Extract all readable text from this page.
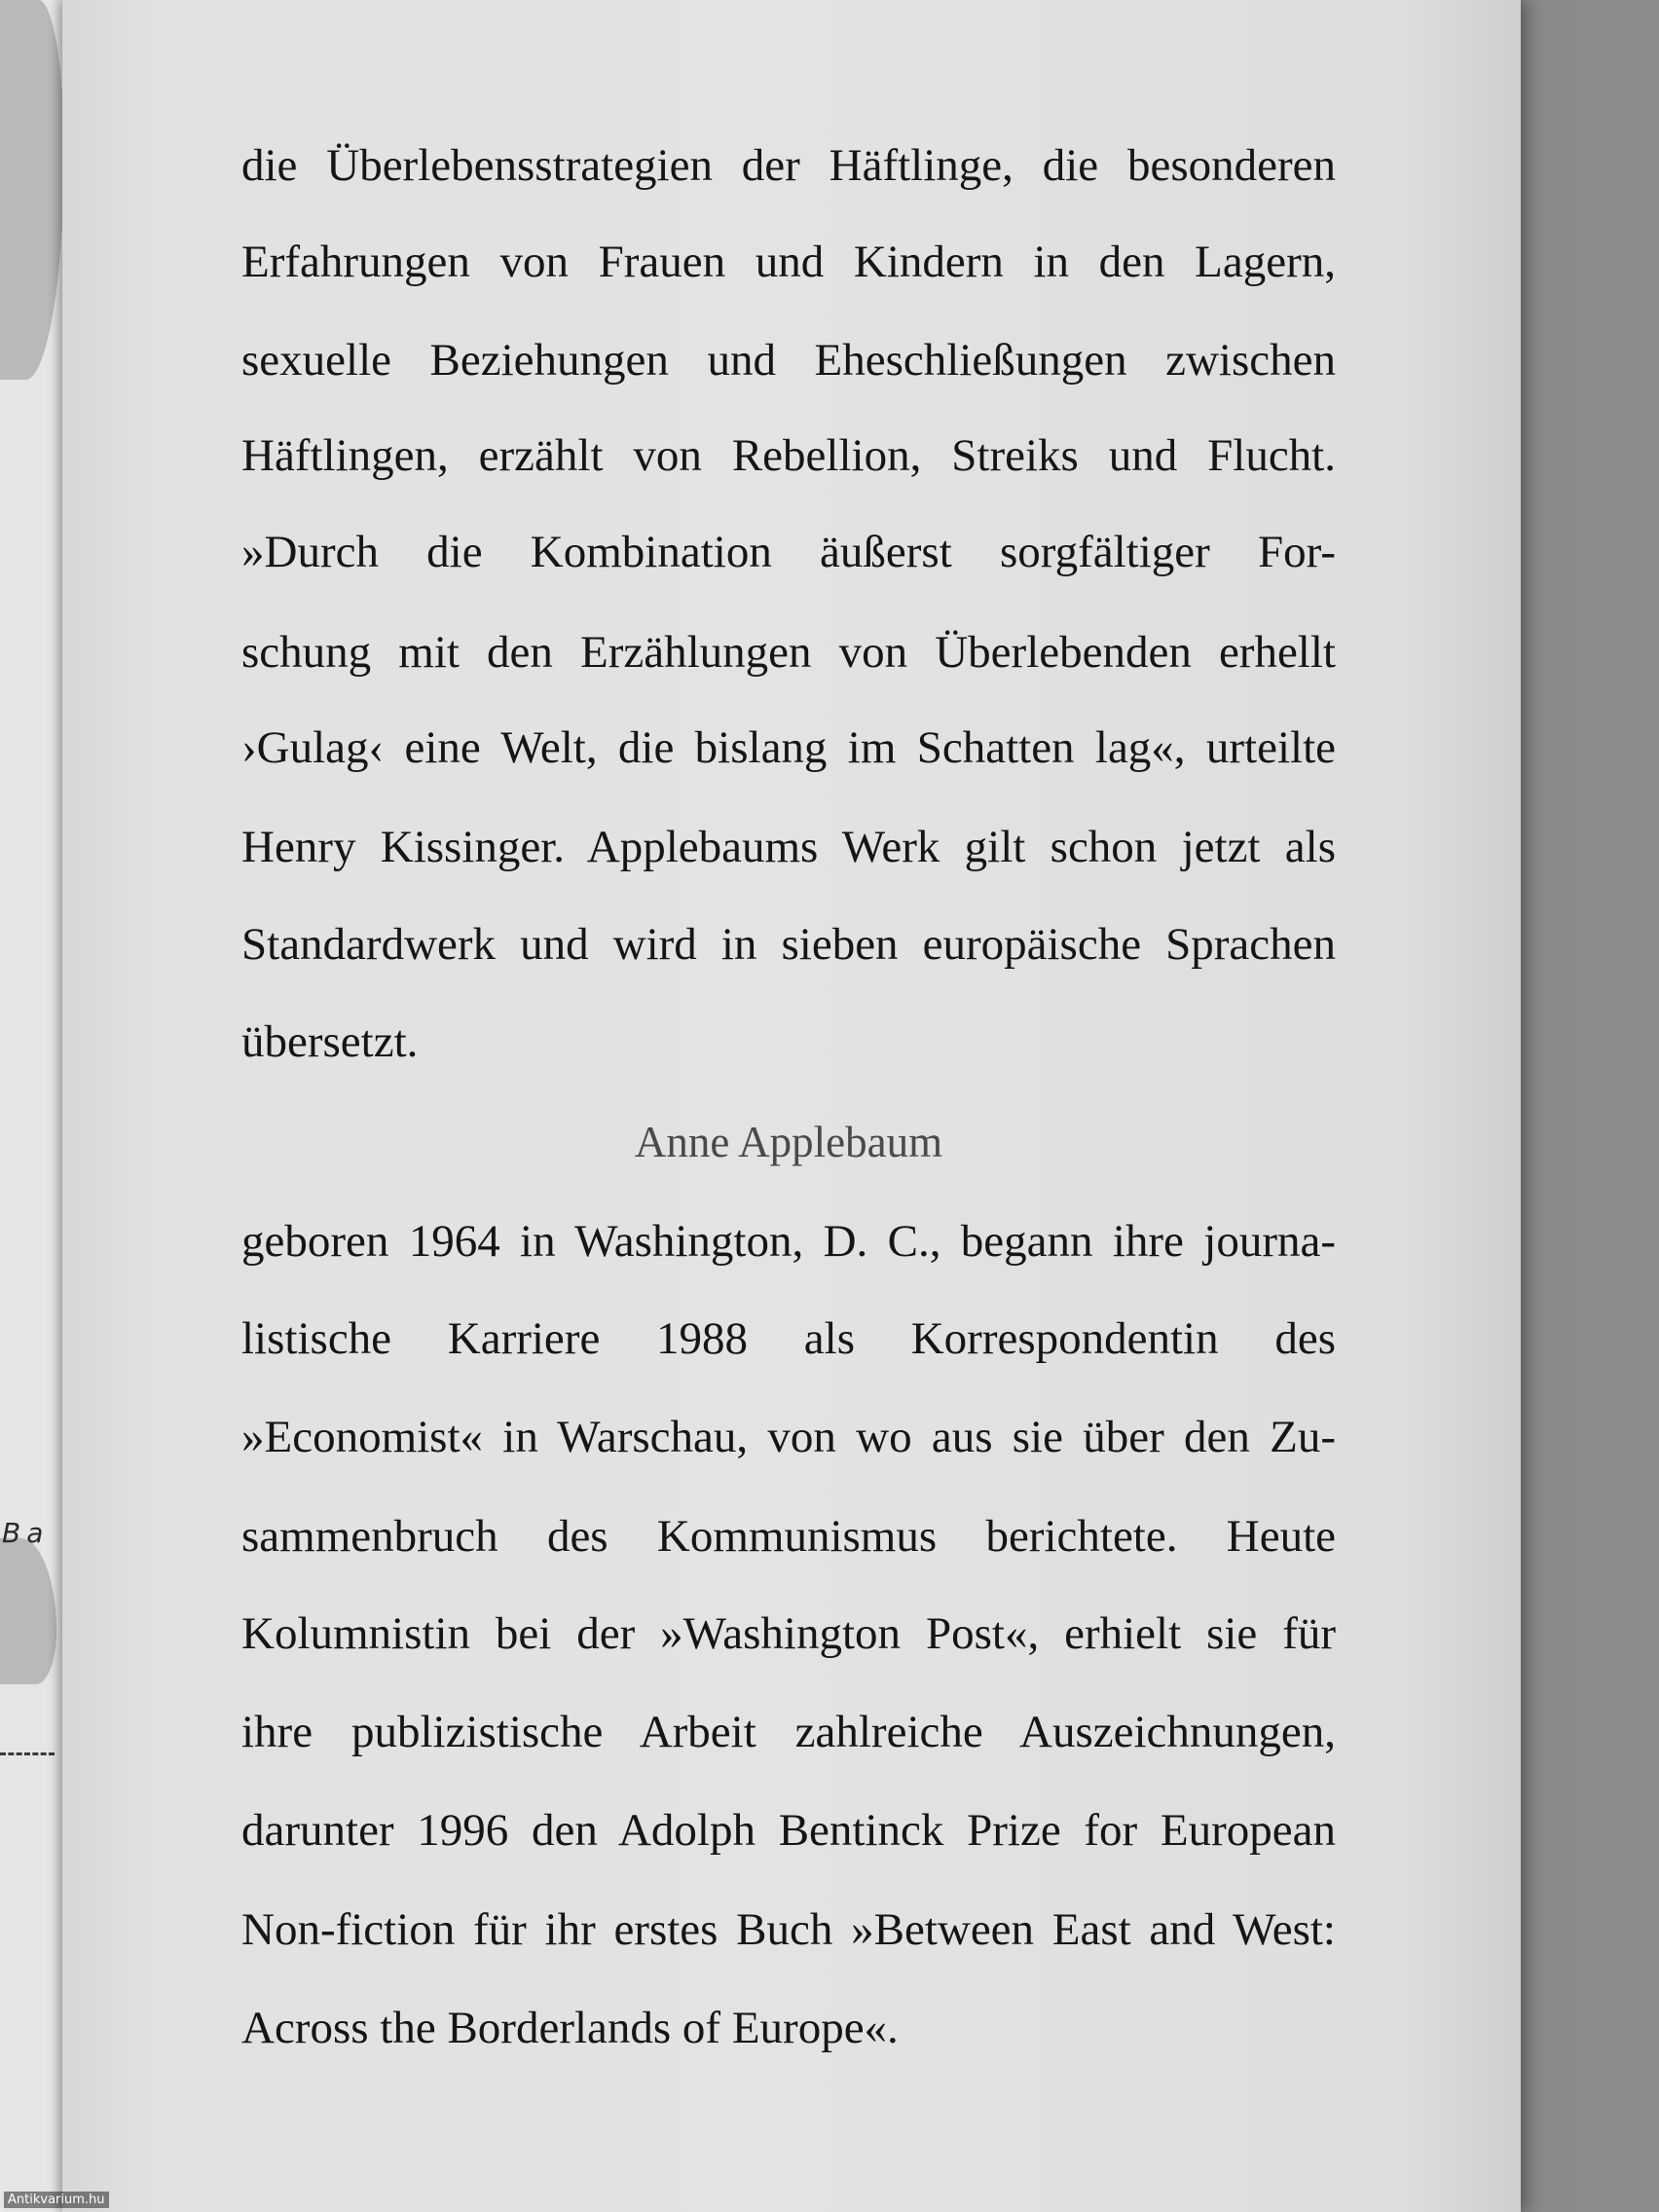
Ba
die Überlebensstrategien der Häftlinge, die besonderen
Erfahrungen von Frauen und Kindern in den Lagern,
sexuelle Beziehungen und Eheschließungen zwischen
Häftlingen, erzählt von Rebellion, Streiks und Flucht.
»Durch die Kombination äußerst sorgfältiger For-
schung mit den Erzählungen von Überlebenden erhellt
›Gulag‹ eine Welt, die bislang im Schatten lag«, urteilte
Henry Kissinger. Applebaums Werk gilt schon jetzt als
Standardwerk und wird in sieben europäische Sprachen
übersetzt.
Anne Applebaum
geboren 1964 in Washington, D. C., begann ihre journa-
listische Karriere 1988 als Korrespondentin des
»Economist« in Warschau, von wo aus sie über den Zu-
sammenbruch des Kommunismus berichtete. Heute
Kolumnistin bei der »Washington Post«, erhielt sie für
ihre publizistische Arbeit zahlreiche Auszeichnungen,
darunter 1996 den Adolph Bentinck Prize for European
Non-fiction für ihr erstes Buch »Between East and West:
Across the Borderlands of Europe«.
Antikvarium.hu
